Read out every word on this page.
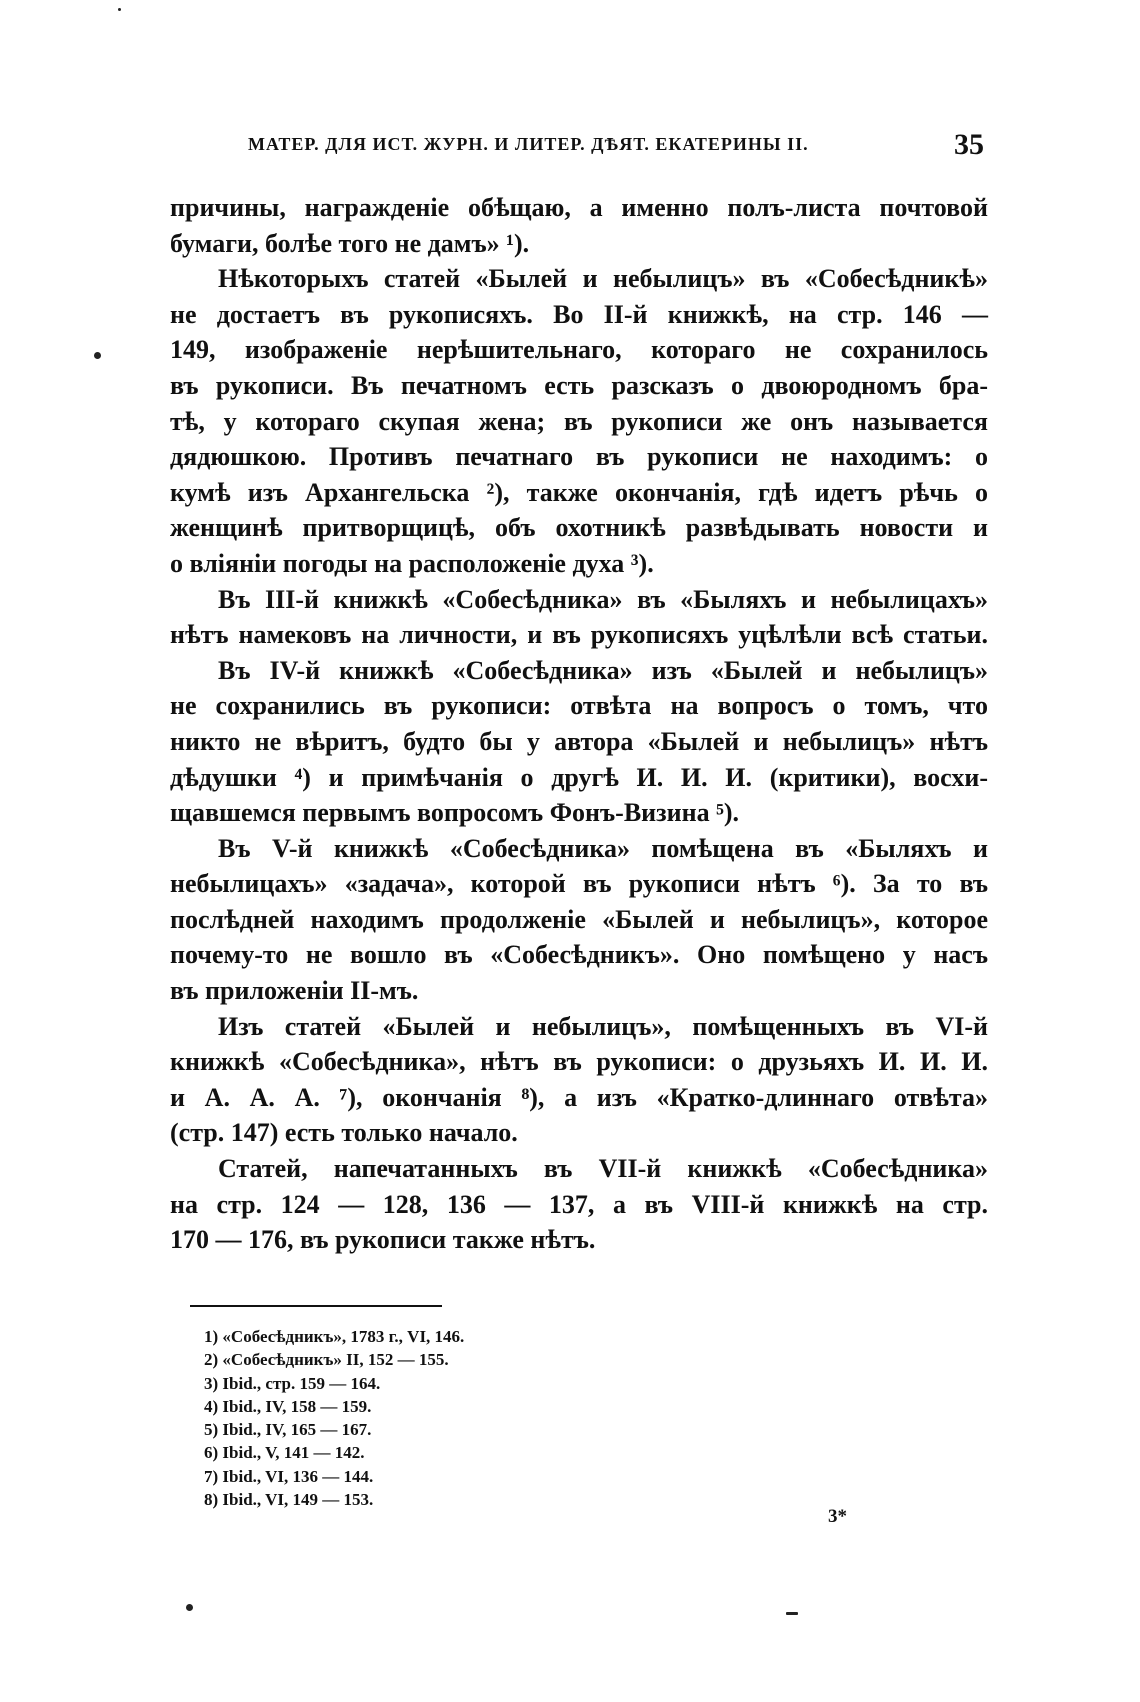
МАТЕР. ДЛЯ ИСТ. ЖУРН. И ЛИТЕР. ДѢЯТ. ЕКАТЕРИНЫ II.	35
причины, награжденіе обѣщаю, а именно полъ-листа почтовой
бумаги, болѣе того не дамъ» ¹).
Нѣкоторыхъ статей «Былей и небылицъ» въ «Собесѣдникѣ»
не достаетъ въ рукописяхъ. Во II-й книжкѣ, на стр. 146 —
149, изображеніе нерѣшительнаго, котораго не сохранилось
въ рукописи. Въ печатномъ есть разсказъ о двоюродномъ бра-
тѣ, у котораго скупая жена; въ рукописи же онъ называется
дядюшкою. Противъ печатнаго въ рукописи не находимъ: о
кумѣ изъ Архангельска ²), также окончанія, гдѣ идетъ рѣчь о
женщинѣ притворщицѣ, объ охотникѣ развѣдывать новости и
о вліяніи погоды на расположеніе духа ³).
Въ III-й книжкѣ «Собесѣдника» въ «Быляхъ и небылицахъ»
нѣтъ намековъ на личности, и въ рукописяхъ уцѣлѣли всѣ статьи.
Въ IV-й книжкѣ «Собесѣдника» изъ «Былей и небылицъ»
не сохранились въ рукописи: отвѣта на вопросъ о томъ, что
никто не вѣритъ, будто бы у автора «Былей и небылицъ» нѣтъ
дѣдушки ⁴) и примѣчанія о другѣ И. И. И. (критики), восхи-
щавшемся первымъ вопросомъ Фонъ-Визина ⁵).
Въ V-й книжкѣ «Собесѣдника» помѣщена въ «Быляхъ и
небылицахъ» «задача», которой въ рукописи нѣтъ ⁶). За то въ
послѣдней находимъ продолженіе «Былей и небылицъ», которое
почему-то не вошло въ «Собесѣдникъ». Оно помѣщено у насъ
въ приложеніи II-мъ.
Изъ статей «Былей и небылицъ», помѣщенныхъ въ VI-й
книжкѣ «Собесѣдника», нѣтъ въ рукописи: о друзьяхъ И. И. И.
и А. А. А. ⁷), окончанія ⁸), а изъ «Кратко-длиннаго отвѣта»
(стр. 147) есть только начало.
Статей, напечатанныхъ въ VII-й книжкѣ «Собесѣдника»
на стр. 124 — 128, 136 — 137, а въ VIII-й книжкѣ на стр.
170 — 176, въ рукописи также нѣтъ.
1) «Собесѣдникъ», 1783 г., VI, 146.
2) «Собесѣдникъ» II, 152 — 155.
3) Ibid., стр. 159 — 164.
4) Ibid., IV, 158 — 159.
5) Ibid., IV, 165 — 167.
6) Ibid., V, 141 — 142.
7) Ibid., VI, 136 — 144.
8) Ibid., VI, 149 — 153.
3*
